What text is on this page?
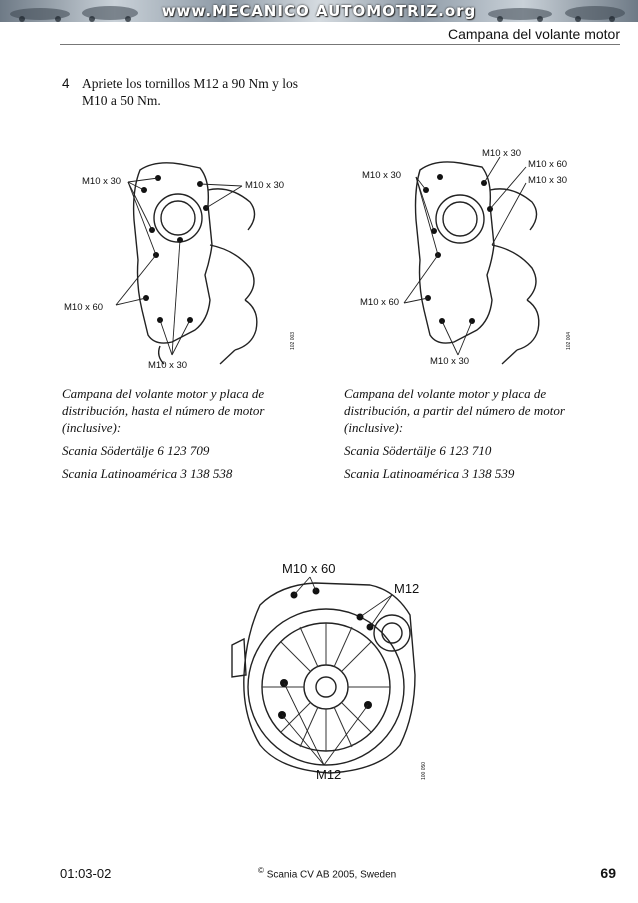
www.MECANICO AUTOMOTRIZ.org
Campana del volante motor
4 Apriete los tornillos M12 a 90 Nm y los M10 a 50 Nm.
M10 x 30	M10 x 30
M10 x 60
M10 x 30
102 003
M10 x 30
M10 x 60
M10 x 30
M10 x 30
M10 x 60
M10 x 30
102 004

Campana del volante motor y placa de distribución, hasta el número de motor (inclusive):

Scania Södertälje 6 123 709

Scania Latinoamérica 3 138 538

Campana del volante motor y placa de distribución, a partir del número de motor (inclusive):

Scania Södertälje 6 123 710

Scania Latinoamérica 3 138 539

M10 x 60
M12
M12	100 050
01:03-02	© Scania CV AB 2005, Sweden	69
